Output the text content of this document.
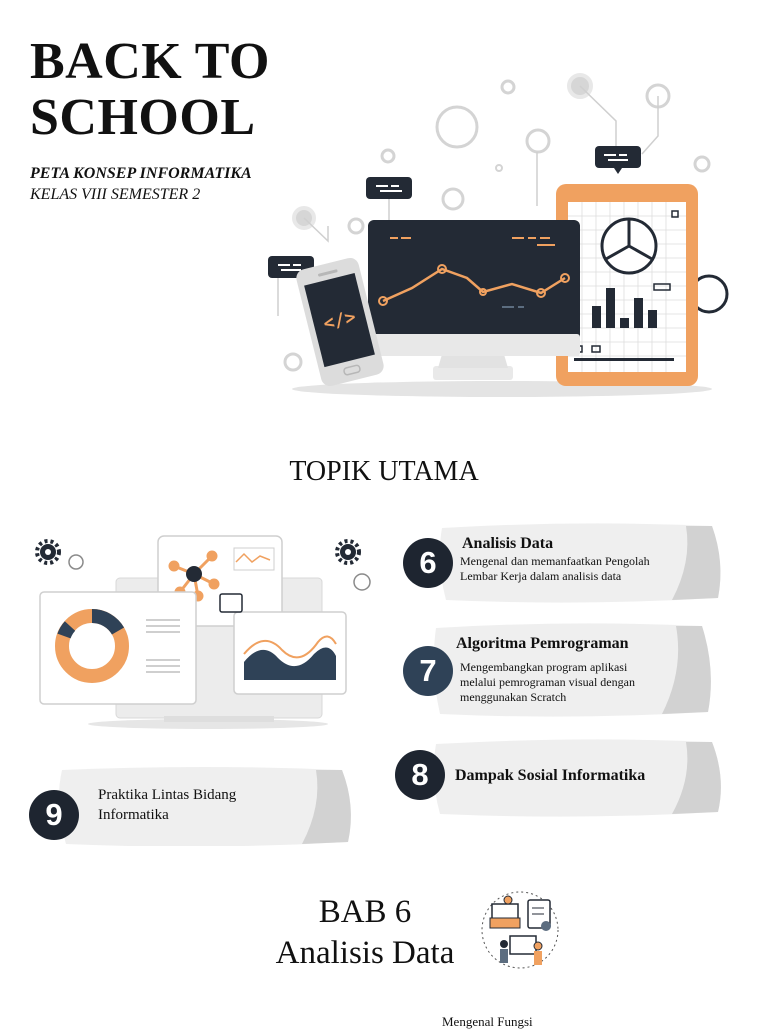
BACK TO
SCHOOL
PETA KONSEP INFORMATIKA KELAS VIII SEMESTER 2
</>
TOPIK UTAMA
6
Analisis Data
Mengenal dan memanfaatkan Pengolah Lembar Kerja dalam analisis data
7
Algoritma Pemrograman
Mengembangkan program aplikasi melalui pemrograman visual dengan menggunakan Scratch
8	Dampak Sosial Informatika
9
Praktika Lintas Bidang Informatika
BAB 6
Analisis Data
Mengenal Fungsi
